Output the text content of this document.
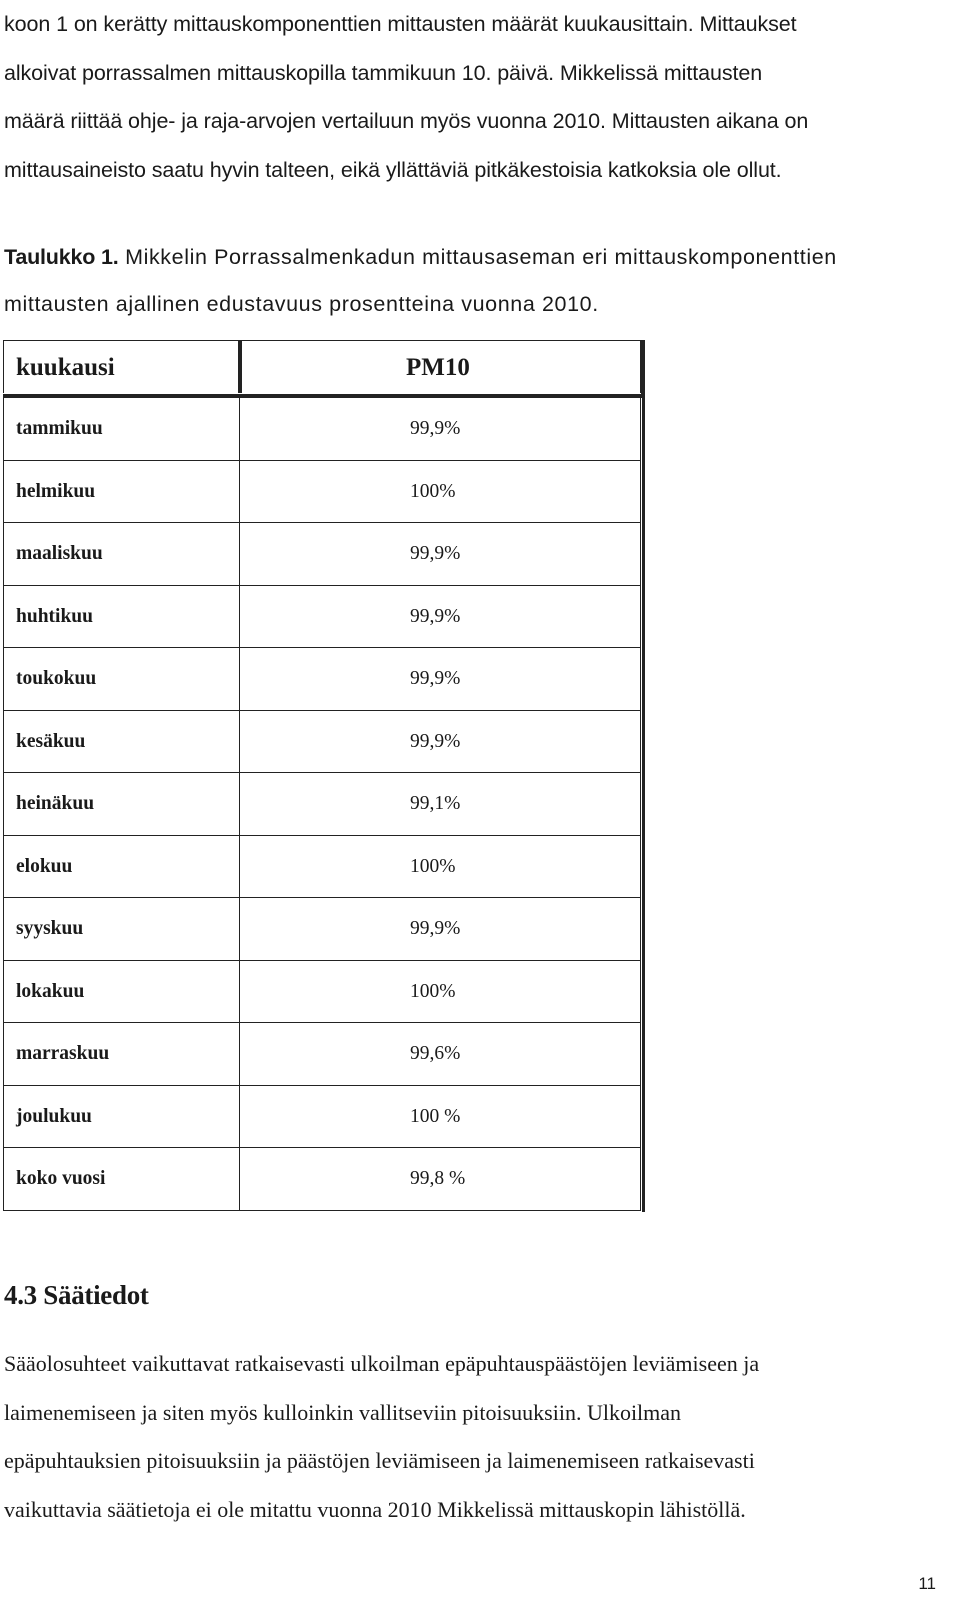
koon 1 on kerätty mittauskomponenttien mittausten määrät kuukausittain. Mittaukset
alkoivat porrassalmen mittauskopilla tammikuun 10. päivä. Mikkelissä mittausten
määrä riittää ohje- ja raja-arvojen vertailuun myös vuonna 2010. Mittausten aikana on
mittausaineisto saatu hyvin talteen, eikä yllättäviä pitkäkestoisia katkoksia ole ollut.
Taulukko 1. Mikkelin Porrassalmenkadun mittausaseman eri mittauskomponenttien
mittausten ajallinen edustavuus prosentteina vuonna 2010.
kuukausi	PM10
tammikuu	99,9%
helmikuu	100%
maaliskuu	99,9%
huhtikuu	99,9%
toukokuu	99,9%
kesäkuu	99,9%
heinäkuu	99,1%
elokuu	100%
syyskuu	99,9%
lokakuu	100%
marraskuu	99,6%
joulukuu	100 %
koko vuosi	99,8 %
4.3 Säätiedot
Sääolosuhteet vaikuttavat ratkaisevasti ulkoilman epäpuhtauspäästöjen leviämiseen ja
laimenemiseen ja siten myös kulloinkin vallitseviin pitoisuuksiin. Ulkoilman
epäpuhtauksien pitoisuuksiin ja päästöjen leviämiseen ja laimenemiseen ratkaisevasti
vaikuttavia säätietoja ei ole mitattu vuonna 2010 Mikkelissä mittauskopin lähistöllä.
11
